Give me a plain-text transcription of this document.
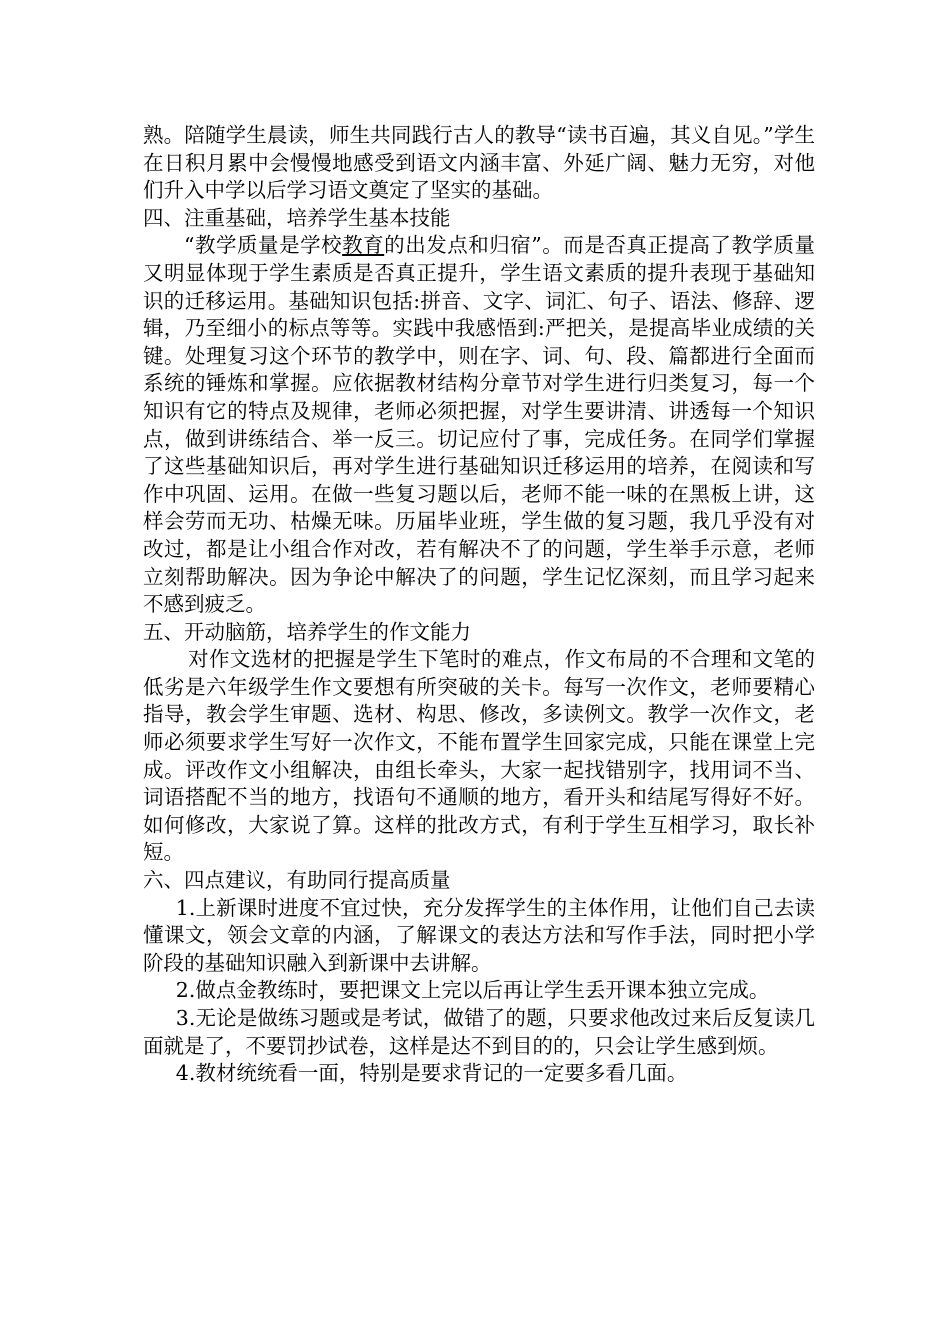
熟。陪随学生晨读，师生共同践行古人的教导“读书百遍，其义自见。”学生在日积月累中会慢慢地感受到语文内涵丰富、外延广阔、魅力无穷，对他们升入中学以后学习语文奠定了坚实的基础。

四、注重基础，培养学生基本技能

“教学质量是学校教育的出发点和归宿”。而是否真正提高了教学质量又明显体现于学生素质是否真正提升，学生语文素质的提升表现于基础知识的迁移运用。基础知识包括:拼音、文字、词汇、句子、语法、修辞、逻辑，乃至细小的标点等等。实践中我感悟到:严把关，是提高毕业成绩的关键。处理复习这个环节的教学中，则在字、词、句、段、篇都进行全面而系统的锤炼和掌握。应依据教材结构分章节对学生进行归类复习，每一个知识有它的特点及规律，老师必须把握，对学生要讲清、讲透每一个知识点，做到讲练结合、举一反三。切记应付了事，完成任务。在同学们掌握了这些基础知识后，再对学生进行基础知识迁移运用的培养，在阅读和写作中巩固、运用。在做一些复习题以后，老师不能一味的在黑板上讲，这样会劳而无功、枯燥无味。历届毕业班，学生做的复习题，我几乎没有对改过，都是让小组合作对改，若有解决不了的问题，学生举手示意，老师立刻帮助解决。因为争论中解决了的问题，学生记忆深刻，而且学习起来不感到疲乏。

五、开动脑筋，培养学生的作文能力

对作文选材的把握是学生下笔时的难点，作文布局的不合理和文笔的低劣是六年级学生作文要想有所突破的关卡。每写一次作文，老师要精心指导，教会学生审题、选材、构思、修改，多读例文。教学一次作文，老师必须要求学生写好一次作文，不能布置学生回家完成，只能在课堂上完成。评改作文小组解决，由组长牵头，大家一起找错别字，找用词不当、词语搭配不当的地方，找语句不通顺的地方，看开头和结尾写得好不好。如何修改，大家说了算。这样的批改方式，有利于学生互相学习，取长补短。

六、四点建议，有助同行提高质量

1.上新课时进度不宜过快，充分发挥学生的主体作用，让他们自己去读懂课文，领会文章的内涵，了解课文的表达方法和写作手法，同时把小学阶段的基础知识融入到新课中去讲解。

2.做点金教练时，要把课文上完以后再让学生丢开课本独立完成。

3.无论是做练习题或是考试，做错了的题，只要求他改过来后反复读几面就是了，不要罚抄试卷，这样是达不到目的的，只会让学生感到烦。

4.教材统统看一面，特别是要求背记的一定要多看几面。
